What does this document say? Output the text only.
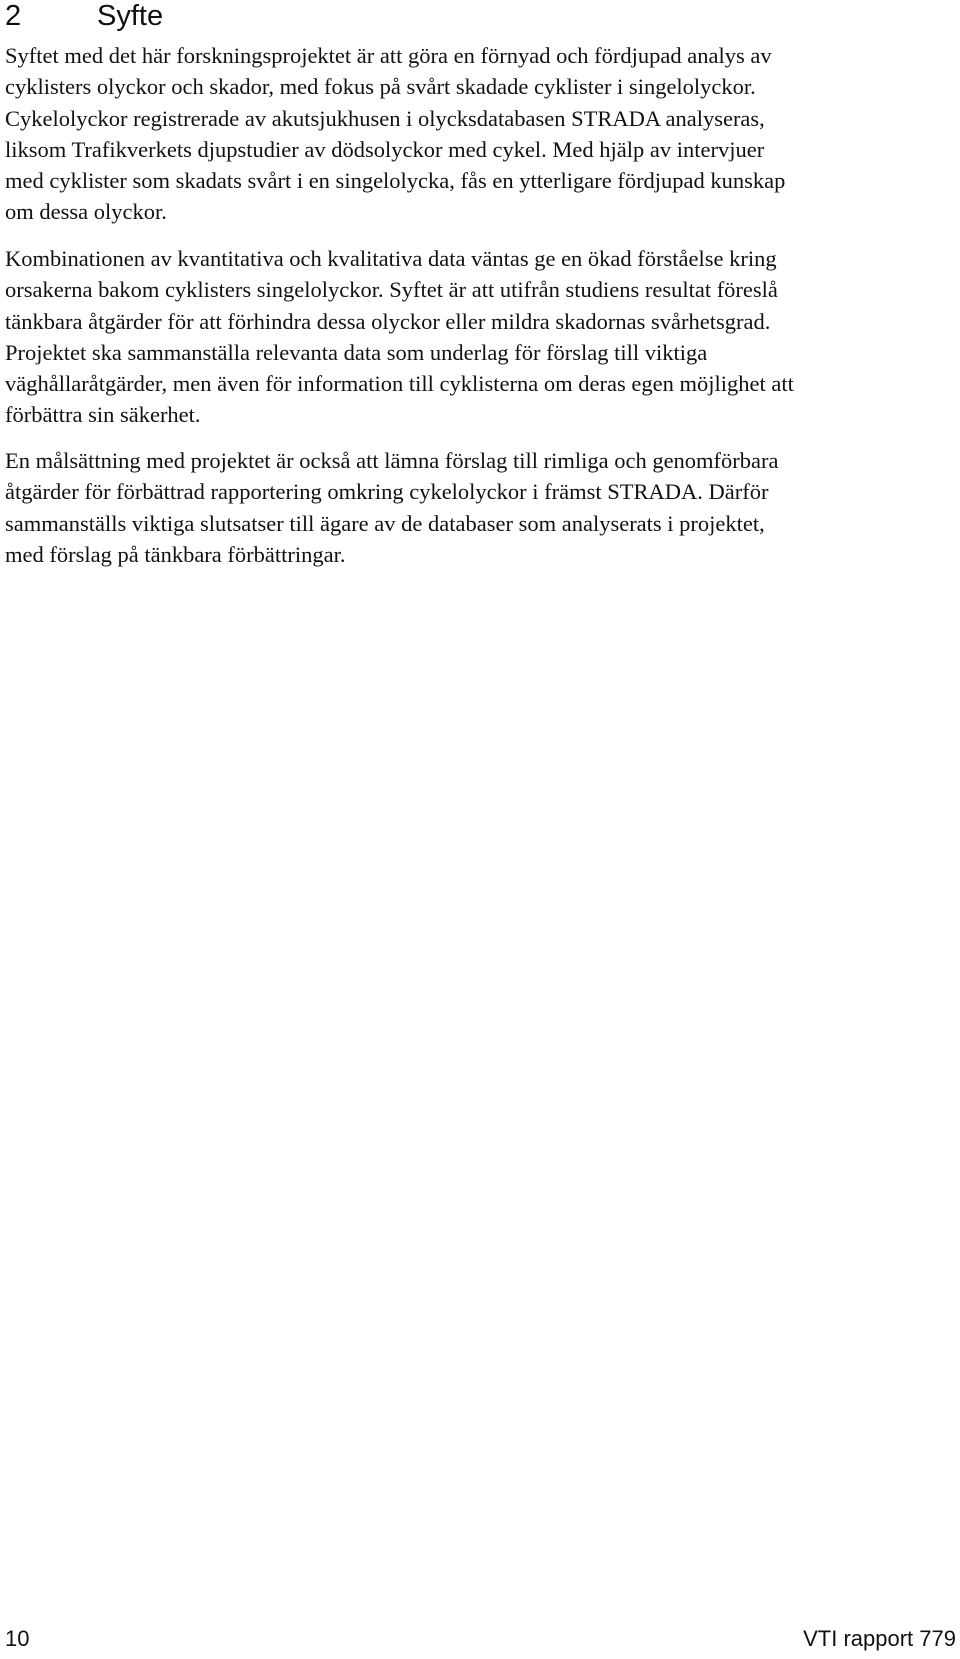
2	Syfte
Syftet med det här forskningsprojektet är att göra en förnyad och fördjupad analys av
cyklisters olyckor och skador, med fokus på svårt skadade cyklister i singelolyckor.
Cykelolyckor registrerade av akutsjukhusen i olycksdatabasen STRADA analyseras,
liksom Trafikverkets djupstudier av dödsolyckor med cykel. Med hjälp av intervjuer
med cyklister som skadats svårt i en singelolycka, fås en ytterligare fördjupad kunskap
om dessa olyckor.
Kombinationen av kvantitativa och kvalitativa data väntas ge en ökad förståelse kring
orsakerna bakom cyklisters singelolyckor. Syftet är att utifrån studiens resultat föreslå
tänkbara åtgärder för att förhindra dessa olyckor eller mildra skadornas svårhetsgrad.
Projektet ska sammanställa relevanta data som underlag för förslag till viktiga
väghållaråtgärder, men även för information till cyklisterna om deras egen möjlighet att
förbättra sin säkerhet.
En målsättning med projektet är också att lämna förslag till rimliga och genomförbara
åtgärder för förbättrad rapportering omkring cykelolyckor i främst STRADA. Därför
sammanställs viktiga slutsatser till ägare av de databaser som analyserats i projektet,
med förslag på tänkbara förbättringar.
10	VTI rapport 779
